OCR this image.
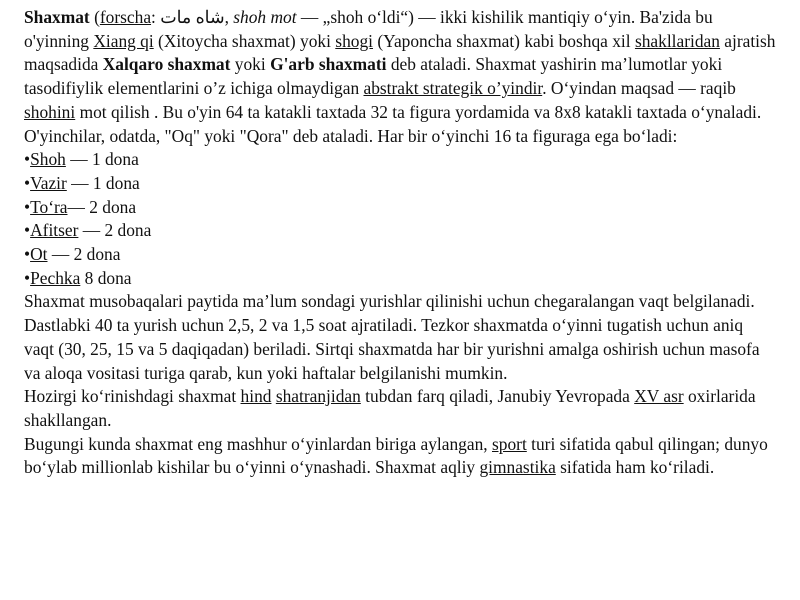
Shaxmat (forscha: شاه مات, shoh mot — „shoh o‘ldi“) — ikki kishilik mantiqiy o‘yin. Ba'zida bu o'yinning Xiang qi (Xitoycha shaxmat) yoki shogi (Yaponcha shaxmat) kabi boshqa xil shakllaridan ajratish maqsadida Xalqaro shaxmat yoki G'arb shaxmati deb ataladi. Shaxmat yashirin ma’lumotlar yoki tasodifiylik elementlarini o’z ichiga olmaydigan abstrakt strategik o’yindir. O‘yindan maqsad — raqib shohini mot qilish . Bu o'yin 64 ta katakli taxtada 32 ta figura yordamida va 8x8 katakli taxtada o‘ynaladi.

O'yinchilar, odatda, "Oq" yoki "Qora" deb ataladi. Har bir o‘yinchi 16 ta figuraga ega bo‘ladi:

•Shoh — 1 dona

•Vazir — 1 dona

•To‘ra— 2 dona

•Afitser — 2 dona

•Ot — 2 dona

•Pechka 8 dona

Shaxmat musobaqalari paytida ma’lum sondagi yurishlar qilinishi uchun chegaralangan vaqt belgilanadi. Dastlabki 40 ta yurish uchun 2,5, 2 va 1,5 soat ajratiladi. Tezkor shaxmatda o‘yinni tugatish uchun aniq vaqt (30, 25, 15 va 5 daqiqadan) beriladi. Sirtqi shaxmatda har bir yurishni amalga oshirish uchun masofa va aloqa vositasi turiga qarab, kun yoki haftalar belgilanishi mumkin.

Hozirgi ko‘rinishdagi shaxmat hind shatranjidan tubdan farq qiladi, Janubiy Yevropada XV asr oxirlarida shakllangan.

Bugungi kunda shaxmat eng mashhur o‘yinlardan biriga aylangan, sport turi sifatida qabul qilingan; dunyo bo‘ylab millionlab kishilar bu o‘yinni o‘ynashadi. Shaxmat aqliy gimnastika sifatida ham ko‘riladi.
